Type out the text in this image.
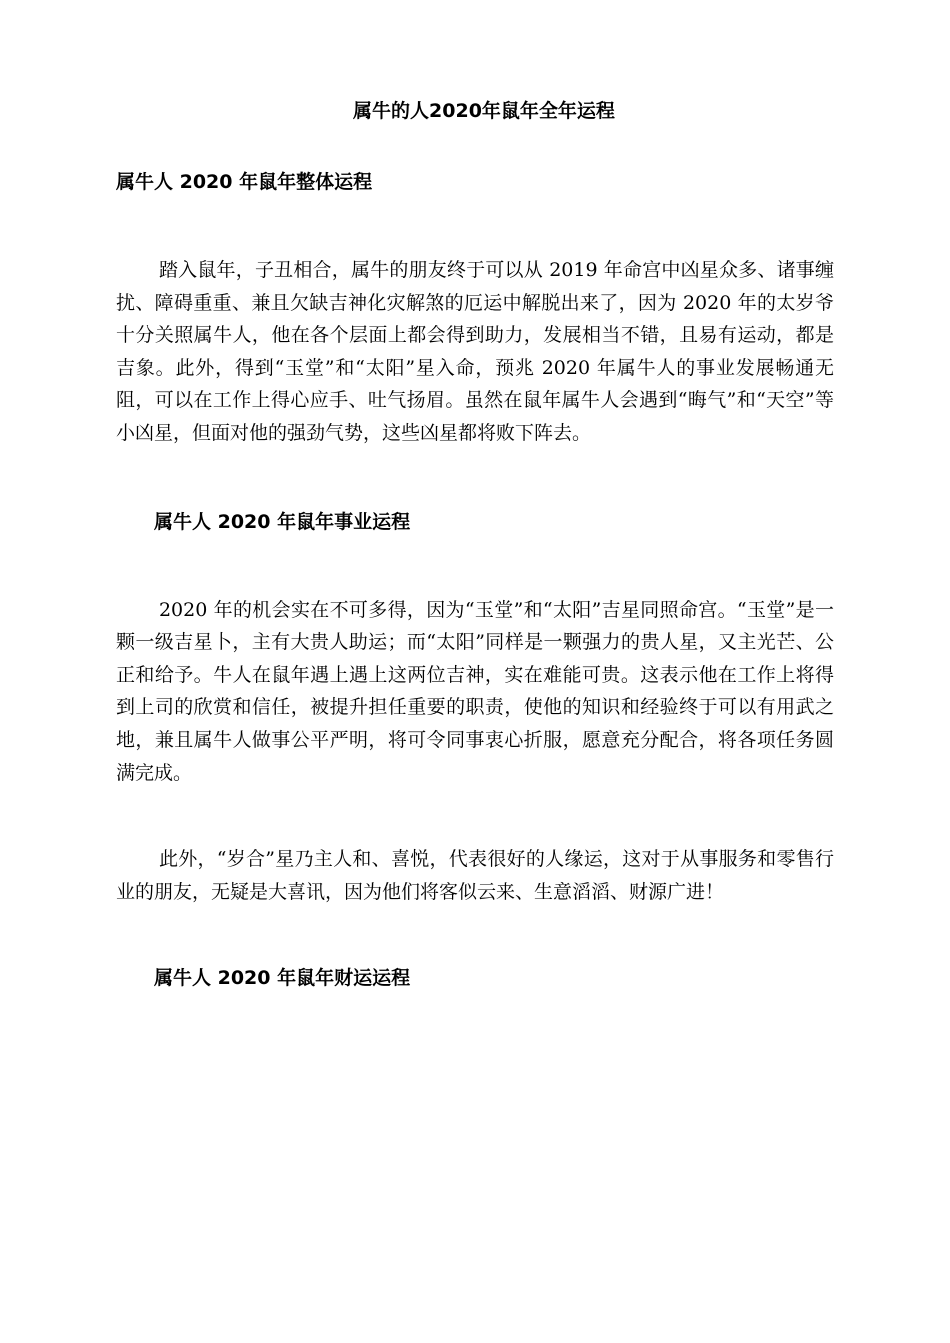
属牛的人2020年鼠年全年运程
属牛人 2020 年鼠年整体运程

踏入鼠年，子丑相合，属牛的朋友终于可以从 2019 年命宫中凶星众多、诸事缠扰、障碍重重、兼且欠缺吉神化灾解煞的厄运中解脱出来了，因为 2020 年的太岁爷十分关照属牛人，他在各个层面上都会得到助力，发展相当不错，且易有运动，都是吉象。此外，得到“玉堂”和“太阳”星入命，预兆 2020 年属牛人的事业发展畅通无阻，可以在工作上得心应手、吐气扬眉。虽然在鼠年属牛人会遇到“晦气”和“天空”等小凶星，但面对他的强劲气势，这些凶星都将败下阵去。

属牛人 2020 年鼠年事业运程

2020 年的机会实在不可多得，因为“玉堂”和“太阳”吉星同照命宫。“玉堂”是一颗一级吉星卜，主有大贵人助运；而“太阳”同样是一颗强力的贵人星，又主光芒、公正和给予。牛人在鼠年遇上遇上这两位吉神，实在难能可贵。这表示他在工作上将得到上司的欣赏和信任，被提升担任重要的职责，使他的知识和经验终于可以有用武之地，兼且属牛人做事公平严明，将可令同事衷心折服，愿意充分配合，将各项任务圆满完成。

此外，“岁合”星乃主人和、喜悦，代表很好的人缘运，这对于从事服务和零售行业的朋友，无疑是大喜讯，因为他们将客似云来、生意滔滔、财源广进！

属牛人 2020 年鼠年财运运程
